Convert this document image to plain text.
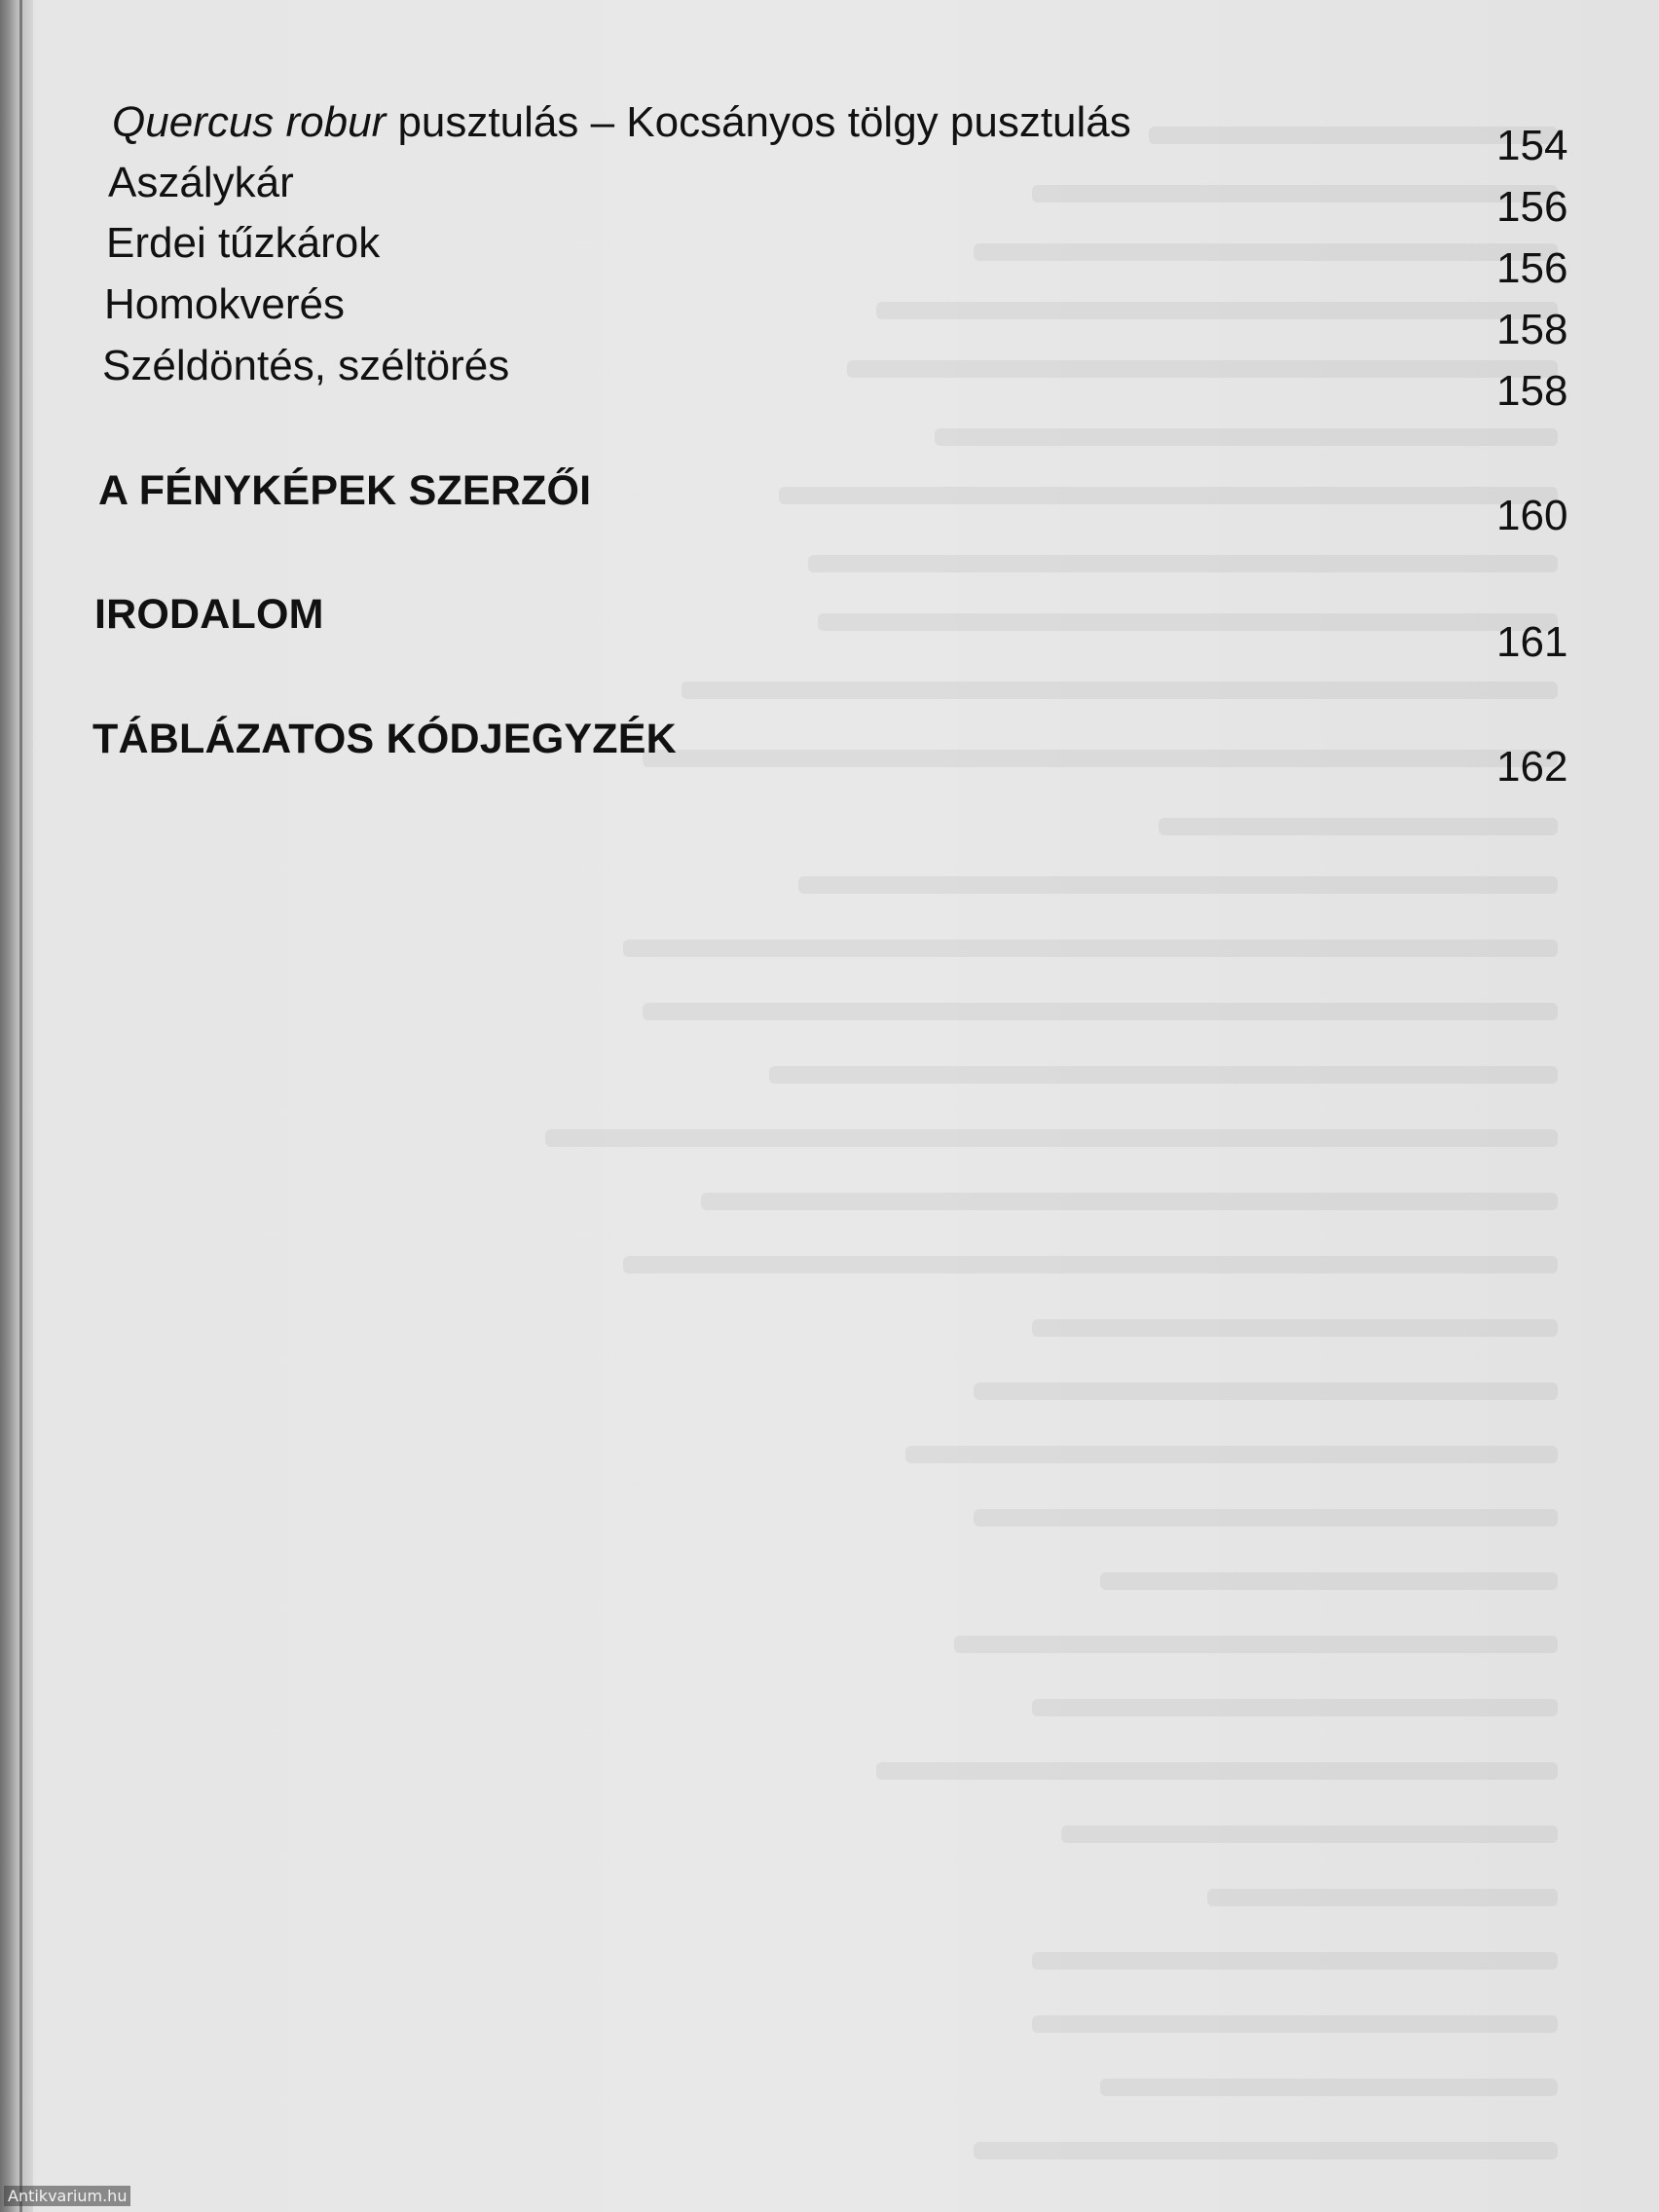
Quercus robur pusztulás – Kocsányos tölgy pusztulás	154
Aszálykár
156
Erdei tűzkárok
156
Homokverés
158
Széldöntés, széltörés
158
A FÉNYKÉPEK SZERZŐI
160
IRODALOM
161
TÁBLÁZATOS KÓDJEGYZÉK
162
Antikvarium.hu
